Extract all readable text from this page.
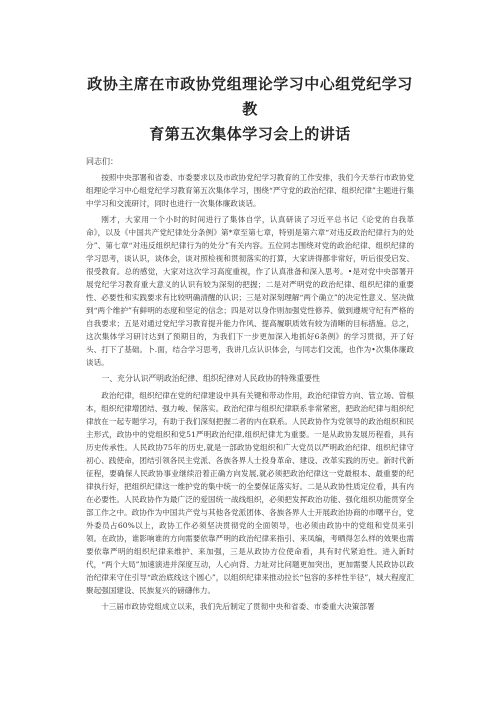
政协主席在市政协党组理论学习中心组党纪学习教
育第五次集体学习会上的讲话

同志们：

按照中央部署和省委、市委要求以及市政协党纪学习教育的工作安排，我们今天举行市政协党组理论学习中心组党纪学习教育第五次集体学习，围绕“严守党的政治纪律、组织纪律”主题进行集中学习和交流研讨，同时也进行一次集体廉政谈话。

刚才，大家用一个小时的时间进行了集体自学，认真研读了习近平总书记《论党的自我革命》，以及《中国共产党纪律处分条例》第*章至第七章，特别是第六章“对违反政治纪律行为的处分”、第七章“对违反组织纪律行为的处分”有关内容。五位同志围绕对党的政治纪律、组织纪律的学习思考，谈认识，谈体会，谈对照检视和贯彻落实的打算，大家讲得都非常好，听后很受启发、很受教育。总的感觉，大家对这次学习高度重视，作了认真准备和深入思考。•是对党中央部署开展党纪学习教育重大意义的认识有较为深刻的把握；二是对严明党的政治纪律、组织纪律的重要性、必要性和实践要求有比较明确清醒的认识；三是对深刻理解“两个确立”的决定性意义、坚决做到“两个维护”有鲜明的态度和坚定的信念；四是对以身作则加强党性修养、做到遵规守纪有严格的自我要求；五是对通过党纪学习教育提升能力作风、提高履职质效有较为清晰的目标措施。总之，这次集体学习研讨达到了预期目的，为我们下一步更加深入地抓好6条例》的学习贯彻，开了好头、打下了基础。卜.面，结合学习思考，我讲几点认识体会，与同志们交流，也作为•次集体廉政谈话。

一、充分认识严明政治纪律、组织纪律对人民政协的特殊重要性

政治纪律，组织纪律在党的纪律建设中具有关键和带动作用，政治纪律管方向、管立场、管根本，组织纪律增团结、强力峻、保落实。政治纪律与组织纪律联系非常紧密，把政治纪律与组织纪律放在一起专题学习，有助于我们深刻把握二者的内在联系。人民政协作为党领导的政治组织和民主形式，政协中的党组织和党51严明政治纪律,组织纪律尤为重要。一是从政协发展历程看，具有历史传承性。人民政协75年的历史,就是一部政协党组织和广大党员以严明政治纪律、组织纪律守初心、践使命，团结引领各民主党派、各族各界人士投身革命、建设、改革实践的历史。新时代新征程，要确保人民政协事业继续沿着正确方向发展,就必须把政治纪律这一党最根本、最重要的纪律执行好，把组织纪律这一维护党的集中统一的全要保证落实好。二是从政协性质定位看，具有内在必要性。人民政协作为最广泛的爱国统一战线组织，必须把发挥政治功能、强化组织功能贯穿全部工作之中。政协作为中国共产党与其他各党派团体、各族各界人士开展政治协商的市曙平台，党外委员占60%以上，政协工作必须坚决贯彻党的全面领导，也必须由政协中的党组和党员来引领。在政协，谁影响谁的方向需要依靠严明的政治纪律来指引、来凤编，考晒得怎么样的效果也需要依靠严明的组织纪律来维护、来加强，三是从政协方位使命看，具有时代紧迫性。进入新时代，“两个大局”加速演进并深度互动，人心向背、力址对比问题更加突出，更加需要人民政协以政治纪律来守住引导“政治底线这个圆心”，以组织纪律来推动拉长“包容的多样性半径”，城大程度汇聚起强国建设、民族复兴的磅礴伟力。

十三届市政协党组成立以来，我们先后制定了贯彻中央和省委、市委重大决策部署
